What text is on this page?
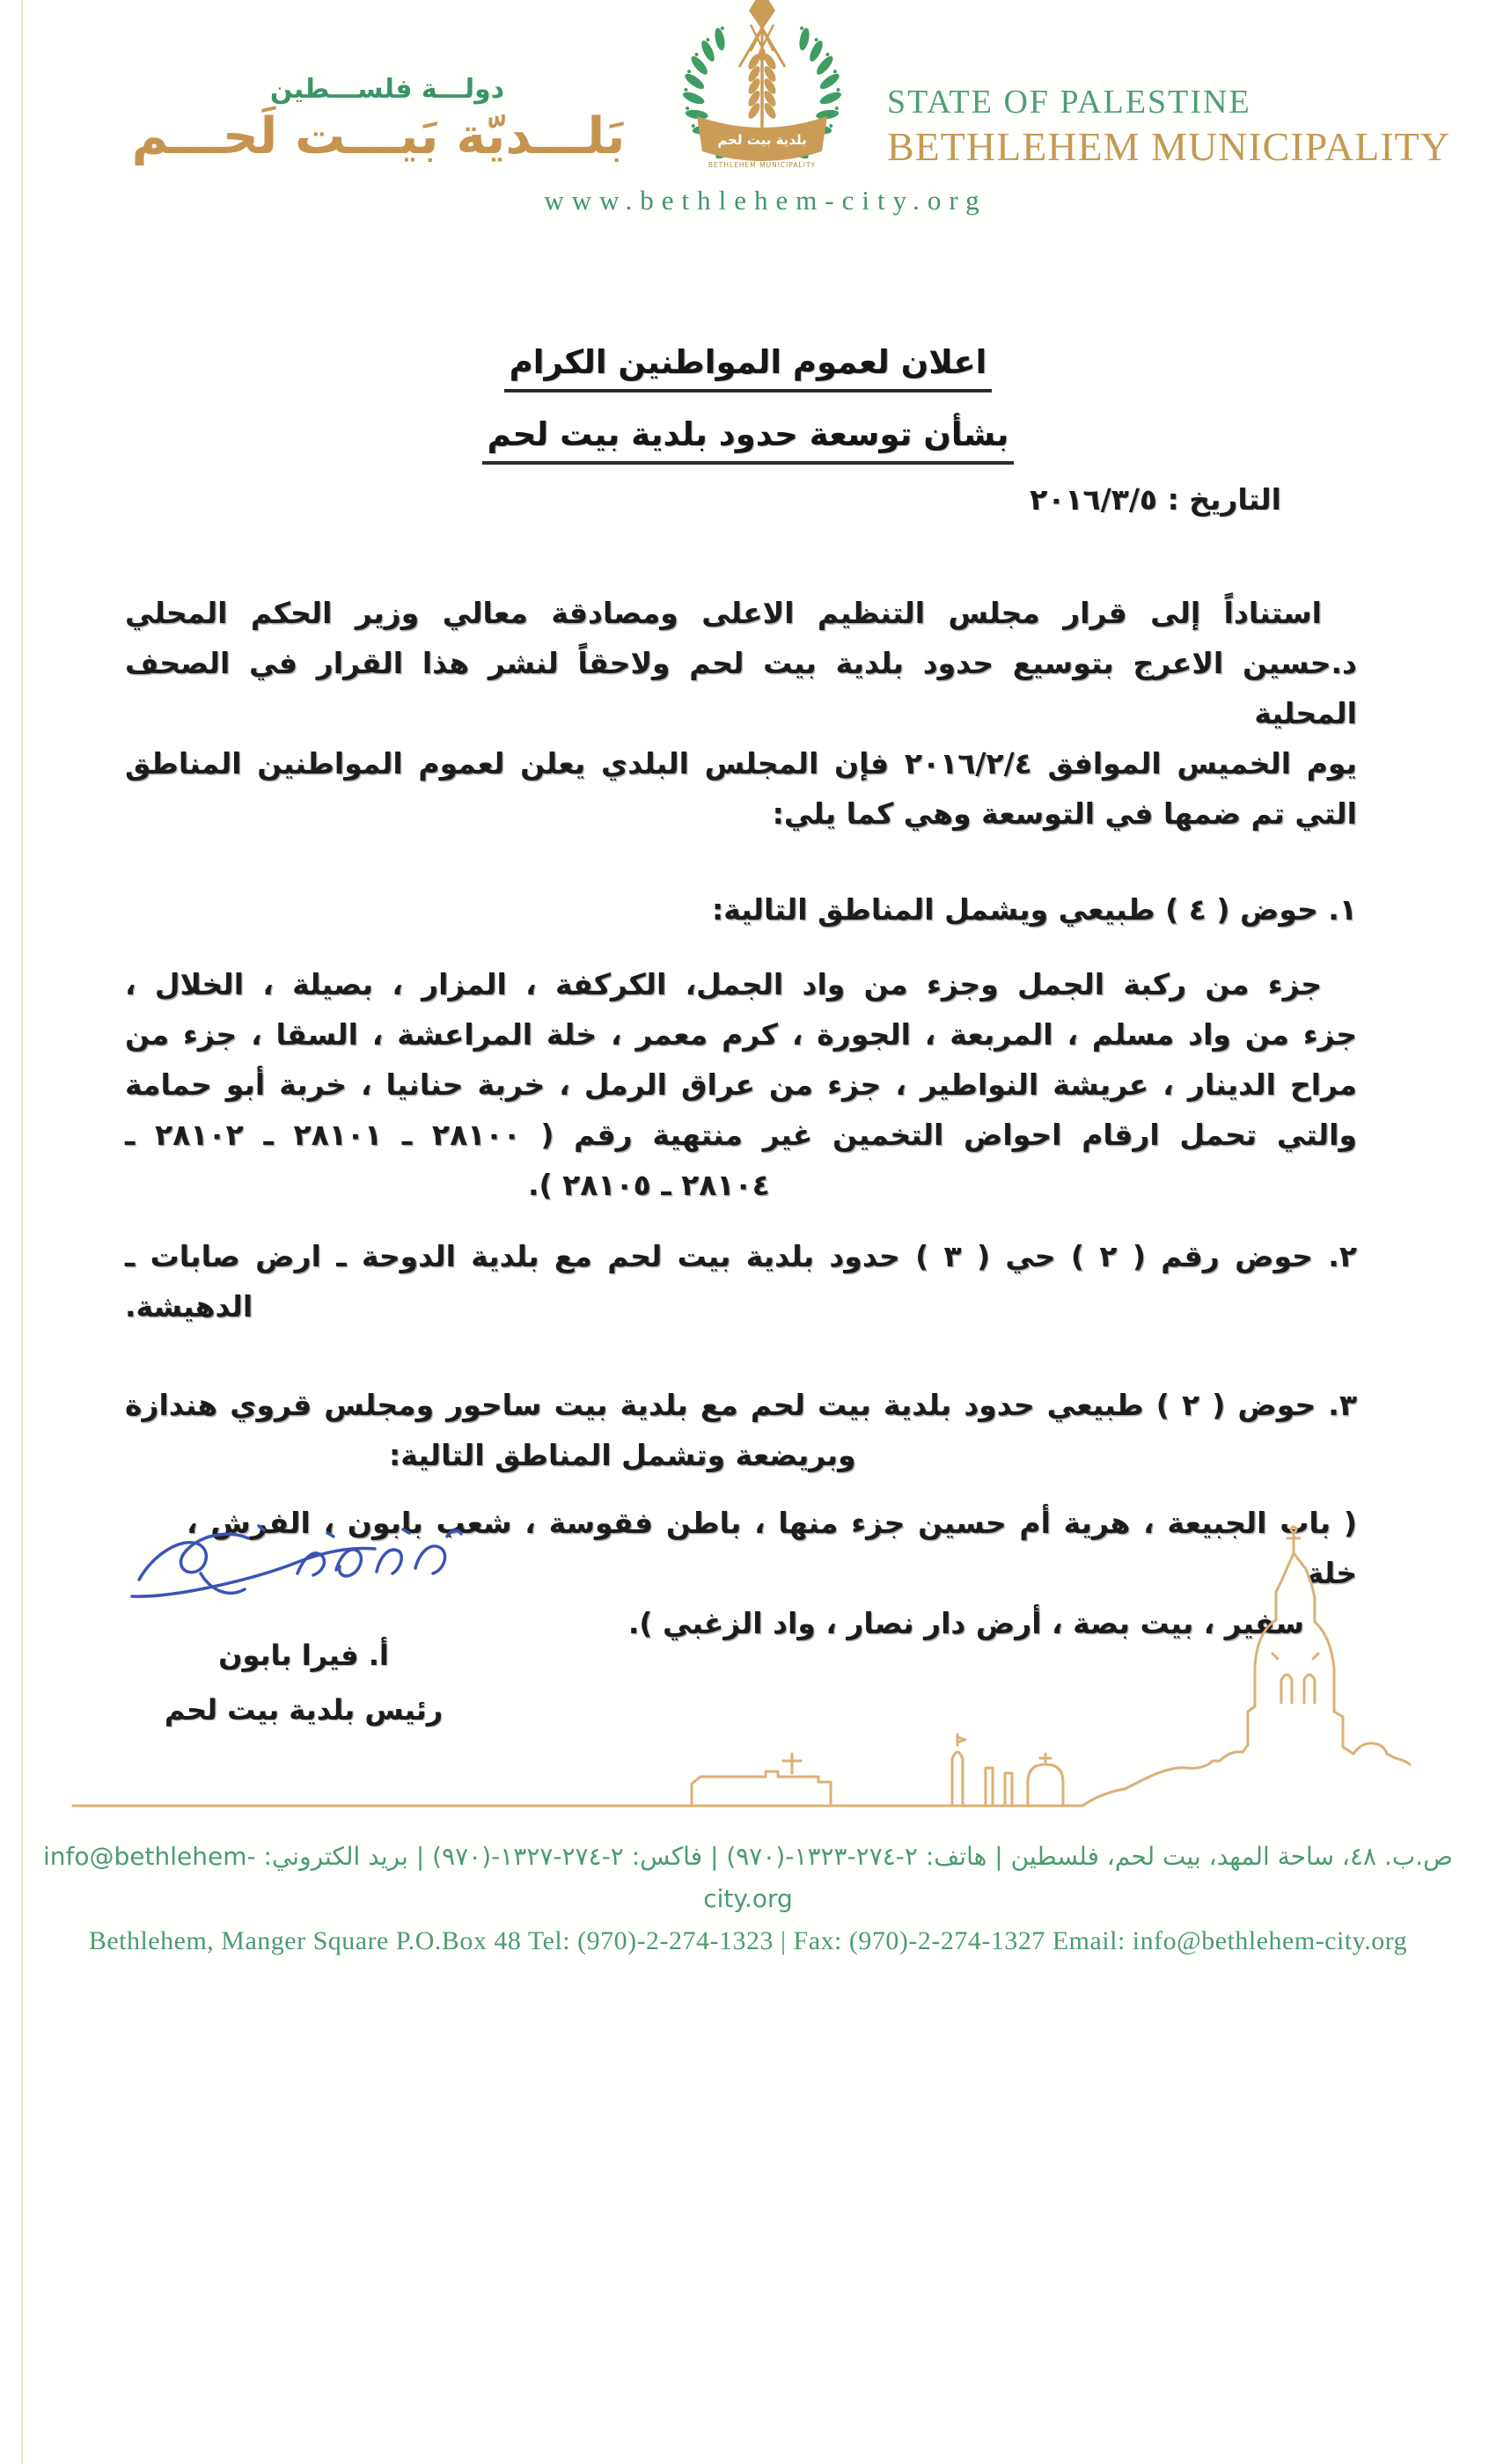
دولـــة فلســـطين
بَلـــديّة بَيـــت لَحـــم	بلدية بيت لحم
BETHLEHEM MUNICIPALITY
STATE OF PALESTINE
BETHLEHEM MUNICIPALITY
www.bethlehem-city.org
اعلان لعموم المواطنين الكرام
بشأن توسعة حدود بلدية بيت لحم
التاريخ : ٢٠١٦/٣/٥
استناداً إلى قرار مجلس التنظيم الاعلى ومصادقة معالي وزير الحكم المحلي
د.حسين الاعرج بتوسيع حدود بلدية بيت لحم ولاحقاً لنشر هذا القرار في الصحف المحلية
يوم الخميس الموافق ٢٠١٦/٢/٤ فإن المجلس البلدي يعلن لعموم المواطنين المناطق
التي تم ضمها في التوسعة وهي كما يلي:
١. حوض ( ٤ ) طبيعي ويشمل المناطق التالية:
جزء من ركبة الجمل وجزء من واد الجمل، الكركفة ، المزار ، بصيلة ، الخلال ،
جزء من واد مسلم ، المربعة ، الجورة ، كرم معمر ، خلة المراعشة ، السقا ، جزء من
مراح الدينار ، عريشة النواطير ، جزء من عراق الرمل ، خربة حنانيا ، خربة أبو حمامة
والتي تحمل ارقام احواض التخمين غير منتهية رقم ( ٢٨١٠٠ ـ ٢٨١٠١ ـ ٢٨١٠٢ ـ
٢٨١٠٤ ـ ٢٨١٠٥ ).
٢. حوض رقم ( ٢ ) حي ( ٣ ) حدود بلدية بيت لحم مع بلدية الدوحة ـ ارض صابات ـ
الدهيشة.
٣. حوض ( ٢ ) طبيعي حدود بلدية بيت لحم مع بلدية بيت ساحور ومجلس قروي هندازة
وبريضعة وتشمل المناطق التالية:
( باب الجبيعة ، هرية أم حسين جزء منها ، باطن فقوسة ، شعب بابون ، الفرش ، خلة
سفير ، بيت بصة ، أرض دار نصار ، واد الزغبي ).
أ. فيرا بابون
رئيس بلدية بيت لحم
ص.ب. ٤٨، ساحة المهد، بيت لحم، فلسطين | هاتف: (٩٧٠)-٢-٢٧٤-١٣٢٣ | فاكس: (٩٧٠)-٢-٢٧٤-١٣٢٧ | بريد الكتروني: info@bethlehem-city.org
Bethlehem, Manger Square P.O.Box 48 Tel: (970)-2-274-1323 | Fax: (970)-2-274-1327 Email: info@bethlehem-city.org
